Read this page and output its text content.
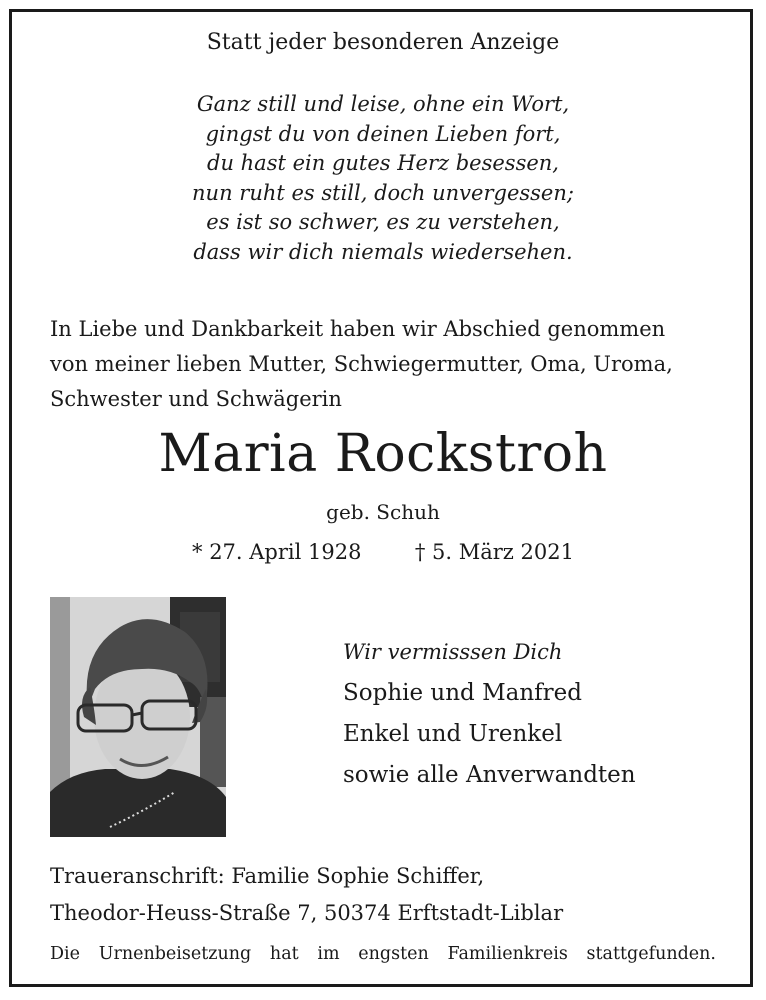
Statt jeder besonderen Anzeige
Ganz still und leise, ohne ein Wort,
gingst du von deinen Lieben fort,
du hast ein gutes Herz besessen,
nun ruht es still, doch unvergessen;
es ist so schwer, es zu verstehen,
dass wir dich niemals wiedersehen.
In Liebe und Dankbarkeit haben wir Abschied genommen
von meiner lieben Mutter, Schwiegermutter, Oma, Uroma,
Schwester und Schwägerin
Maria Rockstroh
geb. Schuh
* 27. April 1928	† 5. März 2021
Wir vermisssen Dich
Sophie und Manfred
Enkel und Urenkel
sowie alle Anverwandten
Traueranschrift: Familie Sophie Schiffer,
Theodor-Heuss-Straße 7, 50374 Erftstadt-Liblar
Die Urnenbeisetzung hat im engsten Familienkreis stattgefunden.
